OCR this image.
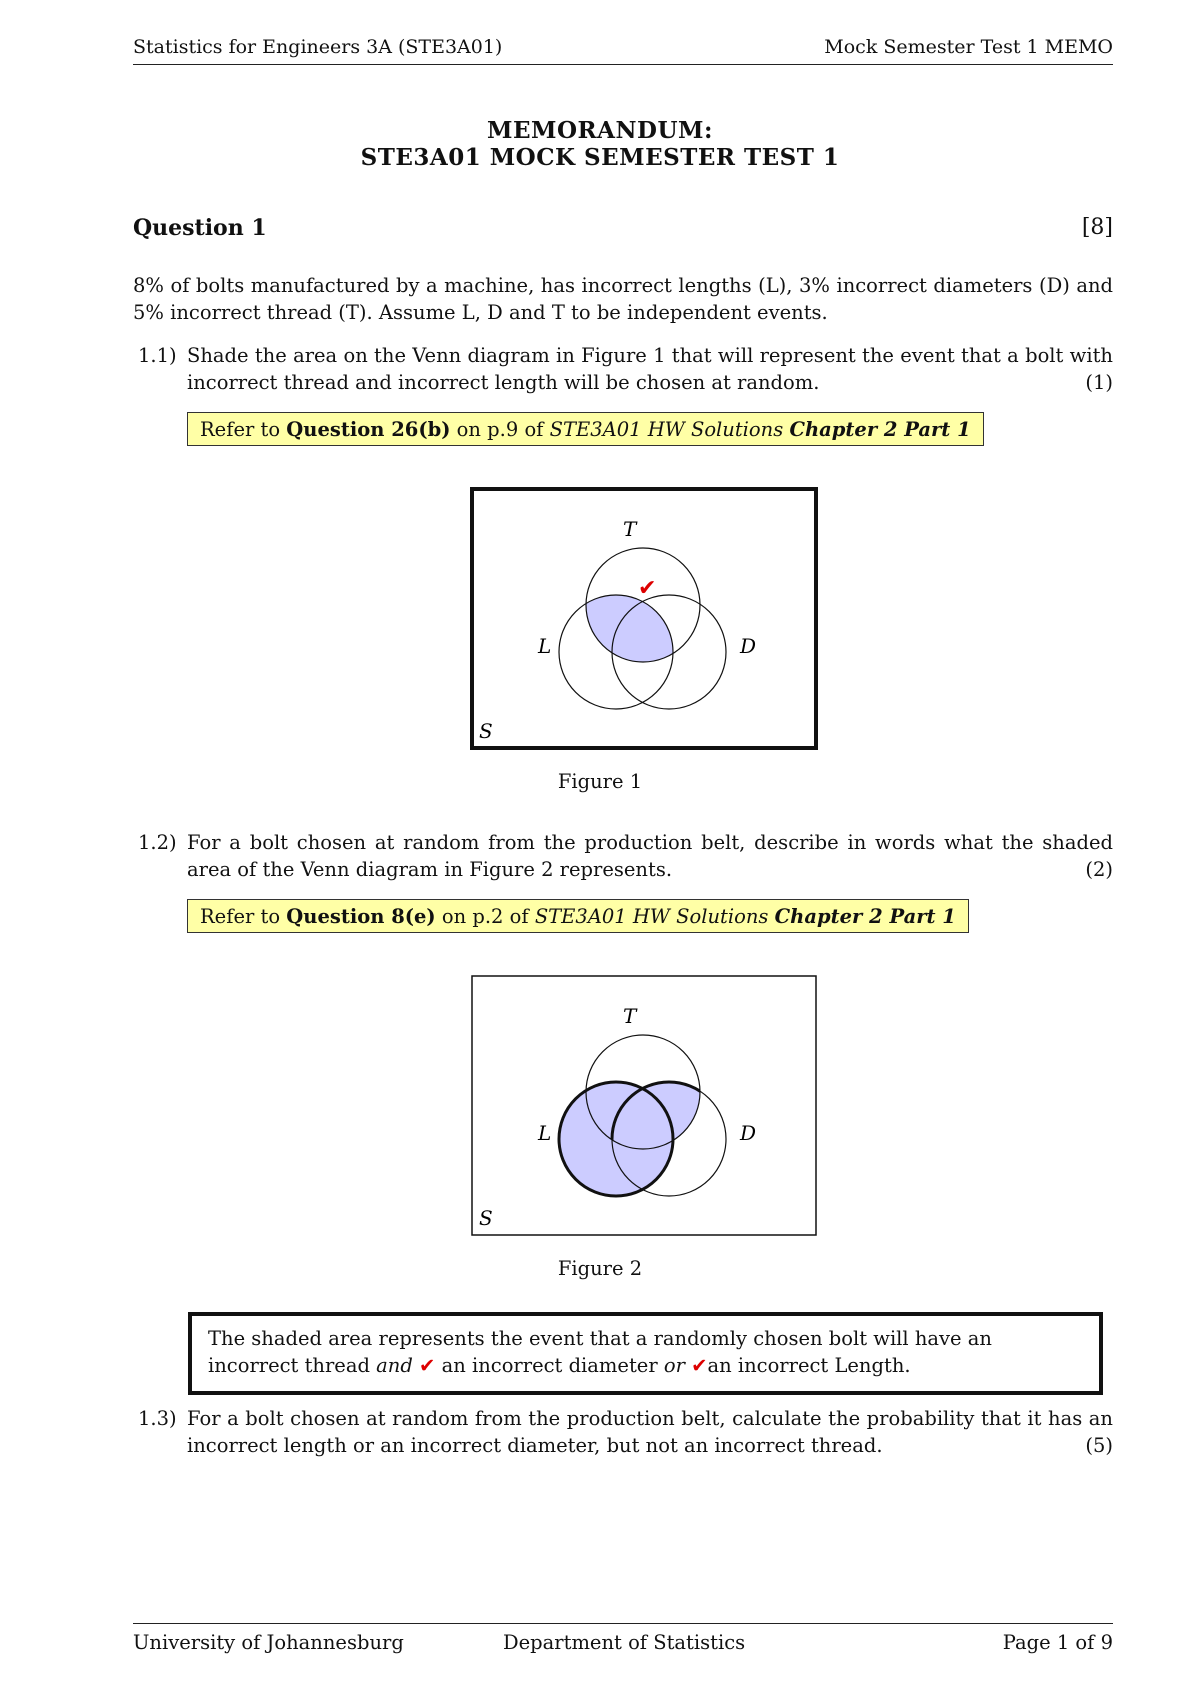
Statistics for Engineers 3A (STE3A01)	Mock Semester Test 1 MEMO
MEMORANDUM:
STE3A01 MOCK SEMESTER TEST 1
Question 1	[8]
8% of bolts manufactured by a machine, has incorrect lengths (L), 3% incorrect diameters (D) and 5% incorrect thread (T). Assume L, D and T to be independent events.
1.1) Shade the area on the Venn diagram in Figure 1 that will represent the event that a bolt with incorrect thread and incorrect length will be chosen at random.	(1)
Refer to Question 26(b) on p.9 of STE3A01 HW Solutions Chapter 2 Part 1
T
L	D
S
✔
Figure 1
1.2) For a bolt chosen at random from the production belt, describe in words what the shaded area of the Venn diagram in Figure 2 represents.	(2)
Refer to Question 8(e) on p.2 of STE3A01 HW Solutions Chapter 2 Part 1
T
L	D
S
Figure 2
The shaded area represents the event that a randomly chosen bolt will have an incorrect thread and ✔ an incorrect diameter or ✔an incorrect Length.
1.3) For a bolt chosen at random from the production belt, calculate the probability that it has an incorrect length or an incorrect diameter, but not an incorrect thread.	(5)
University of Johannesburg	Department of Statistics	Page 1 of 9
